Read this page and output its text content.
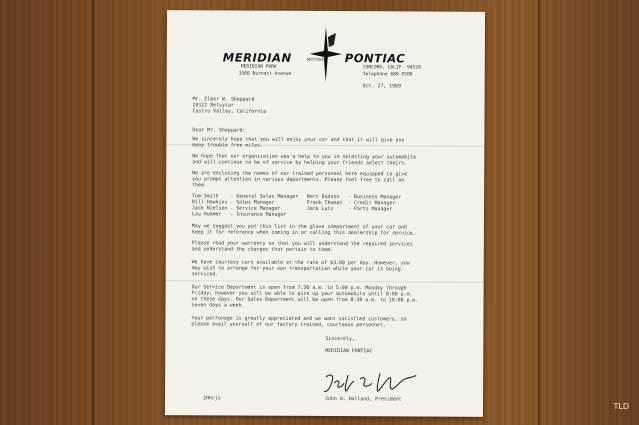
MERIDIAN	MOTORS PONTIAC
MERIDIAN PARK
3300 Burnett Avenue
CONCORD, CALIF. 94520
Telephone 689-5500
Oct. 27, 1969
Mr. Elmer W. Sheppard
19122 Betsytar
Castro Valley, California
Dear Mr. Sheppard:
We sincerely hope that you will enjoy your car and that it will give you
many trouble free miles.
We hope that our organization was a help to you in selecting your automobile
and will continue to be of service by helping your friends select theirs.
We are enclosing the names of our trained personnel here equipped to give
you prompt attention in various departments. Please feel free to call on
them.
Tom Smith    - General Sales Manager   Bert Dodson   - Business Manager
Bill Hawkins - Sales Manager           Frank Thomas  - Credit Manager
Jack Nielsen - Service Manager         Jack Lutz     - Parts Manager
Lou Hummer   - Insurance Manager
May we suggest you put this list in the glove compartment of your car and
keep it for reference when coming in or calling this dealership for service.
Please read your warranty so that you will understand the required services
and understand the charges that pertain to them.
We have courtesy cars available at the rate of $3.00 per day. However, you
may wish to arrange for your own transportation while your car is being
serviced.
Our Service Department is open from 7:30 a.m. to 5:00 p.m. Monday through
Friday; however you will be able to pick up your automobile until 8:00 p.m.
on these days. Our Sales Department will be open from 8:30 a.m. to 10:00 p.m.
seven days a week.
Your patronage is greatly appreciated and we want satisfied customers, so
please avail yourself of our factory trained, courteous personnel.
Sincerely,
MERIDIAN PONTIAC
John H. Holland, President
JHH/js
TLD
